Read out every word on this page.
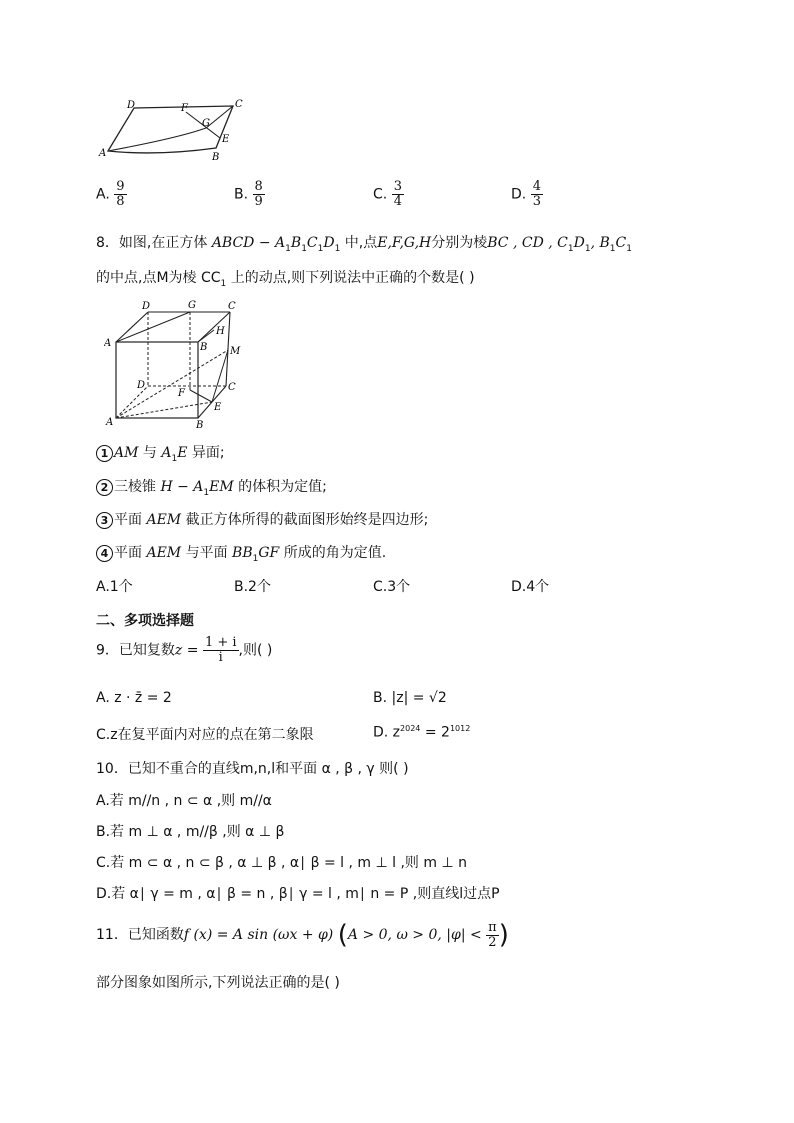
A
D	F	C
G
E
B
A. $\frac{9}{8}$	B. $\frac{8}{9}$	C. $\frac{3}{4}$	D. $\frac{4}{3}$
8．如图,在正方体 ABCD − $A_1B_1C_1D_1$ 中,点E,F,G,H分别为棱BC , CD , $C_1D_1$, $B_1C_1$
的中点,点M为棱 $CC_1$ 上的动点,则下列说法中正确的个数是( )
D	G	C
H
A	B M
D	C
F
E
A	B
1 AM 与 $A_1E$ 异面;
2 三棱锥 $H - A_1EM$ 的体积为定值;
3 平面 AEM 截正方体所得的截面图形始终是四边形;
4 平面 AEM 与平面 $BB_1GF$ 所成的角为定值.
A.1个	B.2个	C.3个	D.4个
二、多项选择题
9．已知复数$z = \frac{1 + i}{i}$ ,则( )
A. z · z̄ = 2	B. |z| = √2
C.z在复平面内对应的点在第二象限	D. $z^{2024} = 2^{1012}$
10．已知不重合的直线m,n,l和平面 α , β , γ 则( )
A.若 m//n , n ⊂ α ,则 m//α
B.若 m ⊥ α , m//β ,则 α ⊥ β
C.若 m ⊂ α , n ⊂ β , α ⊥ β , α∣ β = l , m ⊥ l ,则 m ⊥ n
D.若 α∣ γ = m , α∣ β = n , β∣ γ = l , m∣ n = P ,则直线l过点P
11．已知函数f (x) = A sin (ωx + φ) (A > 0, ω > 0, $|\varphi| < \frac{\pi}{2}$ )
部分图象如图所示,下列说法正确的是( )
